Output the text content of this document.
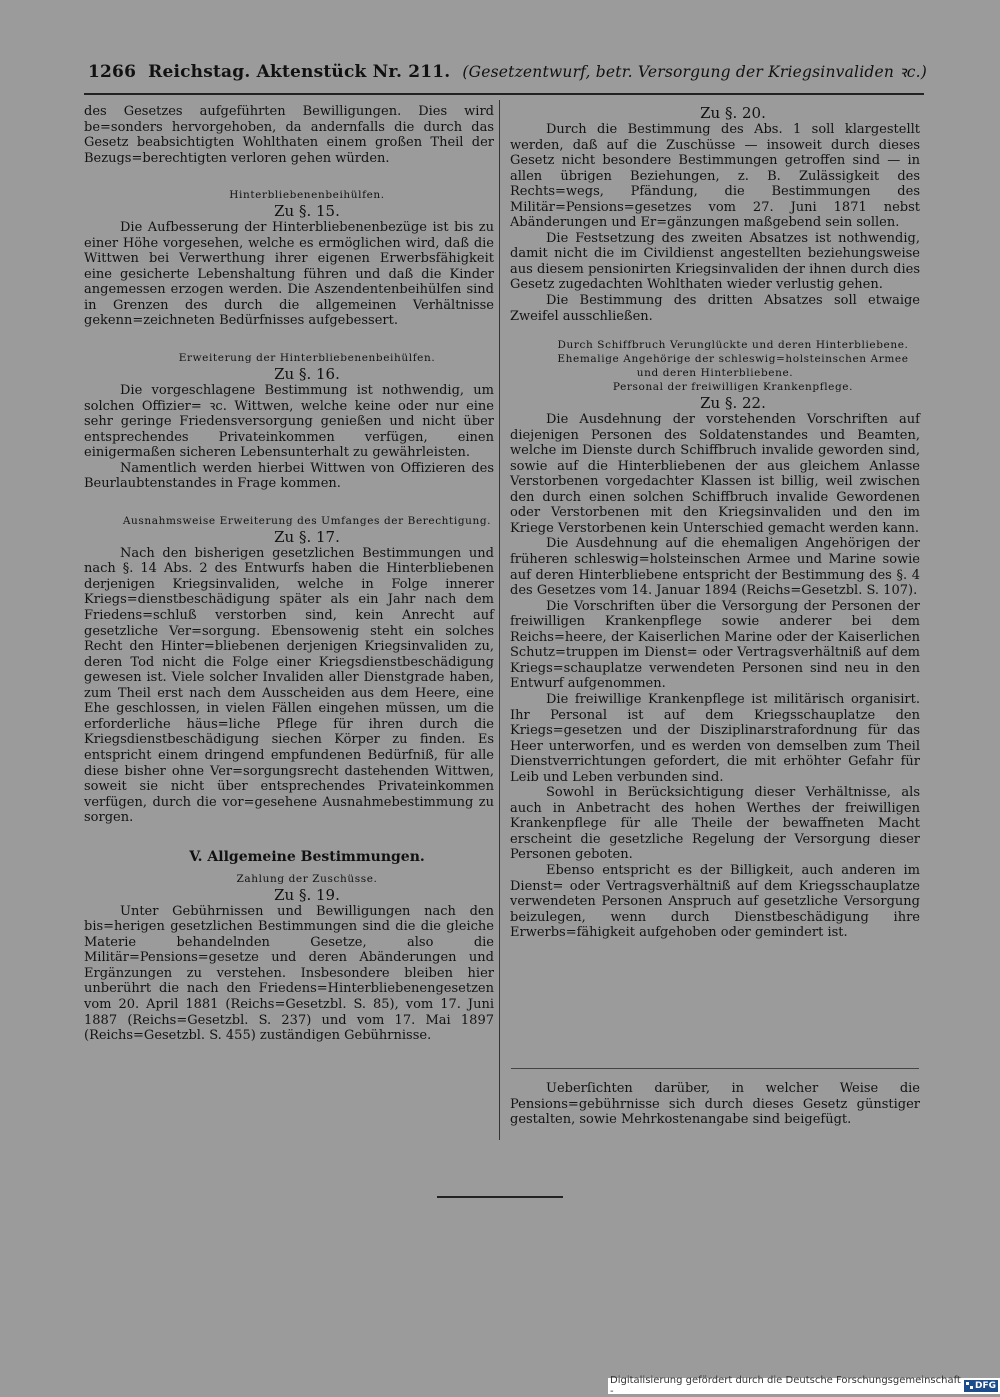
1266 Reichstag. Aktenstück Nr. 211. (Gesetzentwurf, betr. Versorgung der Kriegsinvaliden ꝛc.)

des Gesetzes aufgeführten Bewilligungen. Dies wird be=sonders hervorgehoben, da andernfalls die durch das Gesetz beabsichtigten Wohlthaten einem großen Theil der Bezugs=berechtigten verloren gehen würden.

Hinterbliebenenbeihülfen.

Zu §. 15.

Die Aufbesserung der Hinterbliebenenbezüge ist bis zu einer Höhe vorgesehen, welche es ermöglichen wird, daß die Wittwen bei Verwerthung ihrer eigenen Erwerbsfähigkeit eine gesicherte Lebenshaltung führen und daß die Kinder angemessen erzogen werden. Die Aszendentenbeihülfen sind in Grenzen des durch die allgemeinen Verhältnisse gekenn=zeichneten Bedürfnisses aufgebessert.

Erweiterung der Hinterbliebenenbeihülfen.

Zu §. 16.

Die vorgeschlagene Bestimmung ist nothwendig, um solchen Offizier= ꝛc. Wittwen, welche keine oder nur eine sehr geringe Friedensversorgung genießen und nicht über entsprechendes Privateinkommen verfügen, einen einigermaßen sicheren Lebensunterhalt zu gewährleisten.

Namentlich werden hierbei Wittwen von Offizieren des Beurlaubtenstandes in Frage kommen.

Ausnahmsweise Erweiterung des Umfanges der Berechtigung.

Zu §. 17.

Nach den bisherigen gesetzlichen Bestimmungen und nach §. 14 Abs. 2 des Entwurfs haben die Hinterbliebenen derjenigen Kriegsinvaliden, welche in Folge innerer Kriegs=dienstbeschädigung später als ein Jahr nach dem Friedens=schluß verstorben sind, kein Anrecht auf gesetzliche Ver=sorgung. Ebensowenig steht ein solches Recht den Hinter=bliebenen derjenigen Kriegsinvaliden zu, deren Tod nicht die Folge einer Kriegsdienstbeschädigung gewesen ist. Viele solcher Invaliden aller Dienstgrade haben, zum Theil erst nach dem Ausscheiden aus dem Heere, eine Ehe geschlossen, in vielen Fällen eingehen müssen, um die erforderliche häus=liche Pflege für ihren durch die Kriegsdienstbeschädigung siechen Körper zu finden. Es entspricht einem dringend empfundenen Bedürfniß, für alle diese bisher ohne Ver=sorgungsrecht dastehenden Wittwen, soweit sie nicht über entsprechendes Privateinkommen verfügen, durch die vor=gesehene Ausnahmebestimmung zu sorgen.

V. Allgemeine Bestimmungen.

Zahlung der Zuschüsse.

Zu §. 19.

Unter Gebührnissen und Bewilligungen nach den bis=herigen gesetzlichen Bestimmungen sind die die gleiche Materie behandelnden Gesetze, also die Militär=Pensions=gesetze und deren Abänderungen und Ergänzungen zu verstehen. Insbesondere bleiben hier unberührt die nach den Friedens=Hinterbliebenengesetzen vom 20. April 1881 (Reichs=Gesetzbl. S. 85), vom 17. Juni 1887 (Reichs=Gesetzbl. S. 237) und vom 17. Mai 1897 (Reichs=Gesetzbl. S. 455) zuständigen Gebührnisse.

Zu §. 20.

Durch die Bestimmung des Abs. 1 soll klargestellt werden, daß auf die Zuschüsse — insoweit durch dieses Gesetz nicht besondere Bestimmungen getroffen sind — in allen übrigen Beziehungen, z. B. Zulässigkeit des Rechts=wegs, Pfändung, die Bestimmungen des Militär=Pensions=gesetzes vom 27. Juni 1871 nebst Abänderungen und Er=gänzungen maßgebend sein sollen.

Die Festsetzung des zweiten Absatzes ist nothwendig, damit nicht die im Civildienst angestellten beziehungsweise aus diesem pensionirten Kriegsinvaliden der ihnen durch dies Gesetz zugedachten Wohlthaten wieder verlustig gehen.

Die Bestimmung des dritten Absatzes soll etwaige Zweifel ausschließen.

Durch Schiffbruch Verunglückte und deren Hinterbliebene.

Ehemalige Angehörige der schleswig=holsteinschen Armee und deren Hinterbliebene.

Personal der freiwilligen Krankenpflege.

Zu §. 22.

Die Ausdehnung der vorstehenden Vorschriften auf diejenigen Personen des Soldatenstandes und Beamten, welche im Dienste durch Schiffbruch invalide geworden sind, sowie auf die Hinterbliebenen der aus gleichem Anlasse Verstorbenen vorgedachter Klassen ist billig, weil zwischen den durch einen solchen Schiffbruch invalide Gewordenen oder Verstorbenen mit den Kriegsinvaliden und den im Kriege Verstorbenen kein Unterschied gemacht werden kann.

Die Ausdehnung auf die ehemaligen Angehörigen der früheren schleswig=holsteinschen Armee und Marine sowie auf deren Hinterbliebene entspricht der Bestimmung des §. 4 des Gesetzes vom 14. Januar 1894 (Reichs=Gesetzbl. S. 107).

Die Vorschriften über die Versorgung der Personen der freiwilligen Krankenpflege sowie anderer bei dem Reichs=heere, der Kaiserlichen Marine oder der Kaiserlichen Schutz=truppen im Dienst= oder Vertragsverhältniß auf dem Kriegs=schauplatze verwendeten Personen sind neu in den Entwurf aufgenommen.

Die freiwillige Krankenpflege ist militärisch organisirt. Ihr Personal ist auf dem Kriegsschauplatze den Kriegs=gesetzen und der Disziplinarstrafordnung für das Heer unterworfen, und es werden von demselben zum Theil Dienstverrichtungen gefordert, die mit erhöhter Gefahr für Leib und Leben verbunden sind.

Sowohl in Berücksichtigung dieser Verhältnisse, als auch in Anbetracht des hohen Werthes der freiwilligen Krankenpflege für alle Theile der bewaffneten Macht erscheint die gesetzliche Regelung der Versorgung dieser Personen geboten.

Ebenso entspricht es der Billigkeit, auch anderen im Dienst= oder Vertragsverhältniß auf dem Kriegsschauplatze verwendeten Personen Anspruch auf gesetzliche Versorgung beizulegen, wenn durch Dienstbeschädigung ihre Erwerbs=fähigkeit aufgehoben oder gemindert ist.

Ueberſichten darüber, in welcher Weise die Pensions=gebührnisse sich durch dieses Gesetz günstiger gestalten, sowie Mehrkostenangabe sind beigefügt.

Digitalisierung gefördert durch die Deutsche Forschungsgemeinschaft -	DFG
